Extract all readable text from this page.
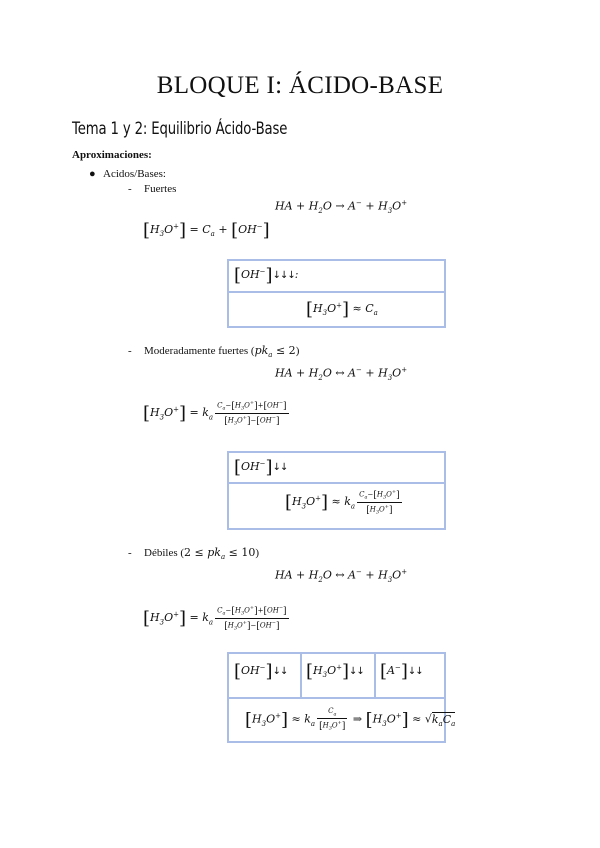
BLOQUE I: ÁCIDO-BASE
Tema 1 y 2: Equilibrio Ácido-Base
Aproximaciones:
● Acidos/Bases:
- Fuertes
HA + $H_2O \to A^- + H_3O^+$
$[H_3O^+] = C_a + [OH^-]$
[OH−]↓↓↓:
$[H_3O^+] \approx C_a$
- Moderadamente fuertes $(pk_a \le 2)$
HA + $H_2O$ ↔ $A^- + H_3O^+$
$[H_3O^+] = k_a \frac{C_a-[H_3O^+]+[OH^-]}{[H_3O^+]-[OH^-]}$
[OH−]↓↓
$[H_3O^+] \approx k_a \frac{C_a-[H_3O^+]}{[H_3O^+]}$
- Débiles $(2 \le pk_a \le 10)$
HA + $H_2O$ ↔ $A^- + H_3O^+$
$[H_3O^+] = k_a \frac{C_a-[H_3O^+]+[OH^-]}{[H_3O^+]-[OH^-]}$
[OH−]↓↓ $[H_3O^+]↓↓$ [A−]↓↓
$[H_3O^+] \approx k_a \frac{C_a}{[H_3O^+]}$ ⇒ $[H_3O^+] \approx √k_aC_a$
